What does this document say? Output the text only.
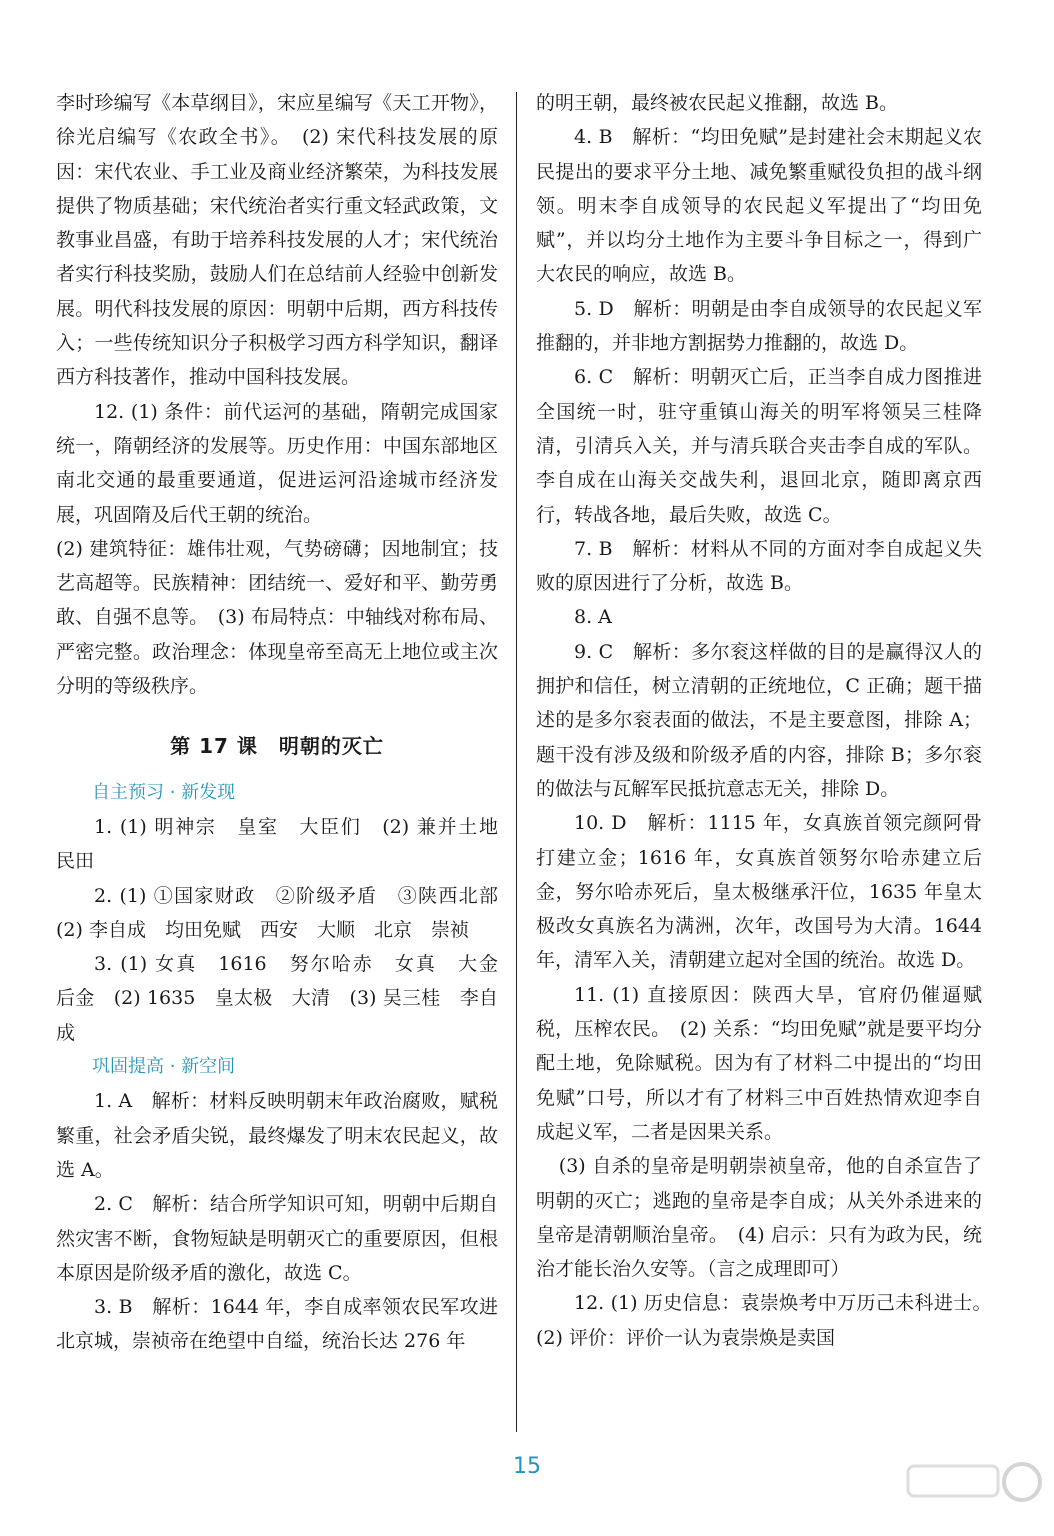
李时珍编写《本草纲目》，宋应星编写《天工开物》，徐光启编写《农政全书》。　(2) 宋代科技发展的原因：宋代农业、手工业及商业经济繁荣，为科技发展提供了物质基础；宋代统治者实行重文轻武政策，文教事业昌盛，有助于培养科技发展的人才；宋代统治者实行科技奖励，鼓励人们在总结前人经验中创新发展。明代科技发展的原因：明朝中后期，西方科技传入；一些传统知识分子积极学习西方科学知识，翻译西方科技著作，推动中国科技发展。

12. (1) 条件：前代运河的基础，隋朝完成国家统一，隋朝经济的发展等。历史作用：中国东部地区南北交通的最重要通道，促进运河沿途城市经济发展，巩固隋及后代王朝的统治。

(2) 建筑特征：雄伟壮观，气势磅礴；因地制宜；技艺高超等。民族精神：团结统一、爱好和平、勤劳勇敢、自强不息等。　(3) 布局特点：中轴线对称布局、严密完整。政治理念：体现皇帝至高无上地位或主次分明的等级秩序。

第 17 课　明朝的灭亡

自主预习 · 新发现

1. (1) 明神宗　皇室　大臣们　(2) 兼并土地　民田

2. (1) ①国家财政　②阶级矛盾　③陕西北部　(2) 李自成　均田免赋　西安　大顺　北京　崇祯

3. (1) 女真　1616　努尔哈赤　女真　大金　后金　(2) 1635　皇太极　大清　(3) 吴三桂　李自成

巩固提高 · 新空间

1. A　解析：材料反映明朝末年政治腐败，赋税繁重，社会矛盾尖锐，最终爆发了明末农民起义，故选 A。

2. C　解析：结合所学知识可知，明朝中后期自然灾害不断，食物短缺是明朝灭亡的重要原因，但根本原因是阶级矛盾的激化，故选 C。

3. B　解析：1644 年，李自成率领农民军攻进北京城，崇祯帝在绝望中自缢，统治长达 276 年

的明王朝，最终被农民起义推翻，故选 B。

4. B　解析：“均田免赋”是封建社会末期起义农民提出的要求平分土地、减免繁重赋役负担的战斗纲领。明末李自成领导的农民起义军提出了“均田免赋”，并以均分土地作为主要斗争目标之一，得到广大农民的响应，故选 B。

5. D　解析：明朝是由李自成领导的农民起义军推翻的，并非地方割据势力推翻的，故选 D。

6. C　解析：明朝灭亡后，正当李自成力图推进全国统一时，驻守重镇山海关的明军将领吴三桂降清，引清兵入关，并与清兵联合夹击李自成的军队。李自成在山海关交战失利，退回北京，随即离京西行，转战各地，最后失败，故选 C。

7. B　解析：材料从不同的方面对李自成起义失败的原因进行了分析，故选 B。

8. A

9. C　解析：多尔衮这样做的目的是赢得汉人的拥护和信任，树立清朝的正统地位，C 正确；题干描述的是多尔衮表面的做法，不是主要意图，排除 A；题干没有涉及级和阶级矛盾的内容，排除 B；多尔衮的做法与瓦解军民抵抗意志无关，排除 D。

10. D　解析：1115 年，女真族首领完颜阿骨打建立金；1616 年，女真族首领努尔哈赤建立后金，努尔哈赤死后，皇太极继承汗位，1635 年皇太极改女真族名为满洲，次年，改国号为大清。1644 年，清军入关，清朝建立起对全国的统治。故选 D。

11. (1) 直接原因：陕西大旱，官府仍催逼赋税，压榨农民。　(2) 关系：“均田免赋”就是要平均分配土地，免除赋税。因为有了材料二中提出的“均田免赋”口号，所以才有了材料三中百姓热情欢迎李自成起义军，二者是因果关系。

(3) 自杀的皇帝是明朝崇祯皇帝，他的自杀宣告了明朝的灭亡；逃跑的皇帝是李自成；从关外杀进来的皇帝是清朝顺治皇帝。　(4) 启示：只有为政为民，统治才能长治久安等。（言之成理即可）

12. (1) 历史信息：袁崇焕考中万历己未科进士。　(2) 评价：评价一认为袁崇焕是卖国

15
